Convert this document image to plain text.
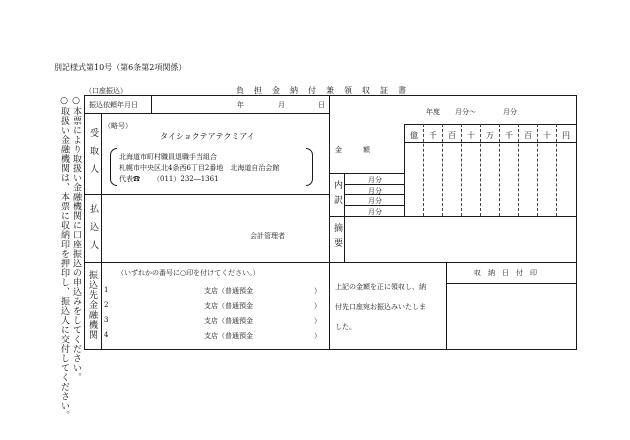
別記様式第10号（第6条第2項関係）
（口座振込）	負　担　金　納　付　兼　領　収　証　書
○本票により取扱い金融機関に口座振込の申込みをしてください。
○取扱い金融機関は、本票に収納印を押印し、振込人に交付してください。	振込依頼年月日	年	月	日
年度 月分〜	月分
受取人
（略号）
タイショクテアテクミアイ
北海道市町村職員退職手当組合
札幌市中央区北4条西6丁目2番地　北海道自治会館
代表☎ （011）232―1361
億	千	百	十	万	千	百	十	円
金　　　額
内訳	月分
月分
月分
月分
払込人	会計管理者	摘要
振込先金融機関	（いずれかの番号に○印を付けてください。）
1	支店（普通預金	）
2	支店（普通預金	）
3	支店（普通預金	）
4	支店（普通預金	）
上記の金額を正に領収し、納
付先口座宛お振込みいたしま
した。
収　納　日　付　印
